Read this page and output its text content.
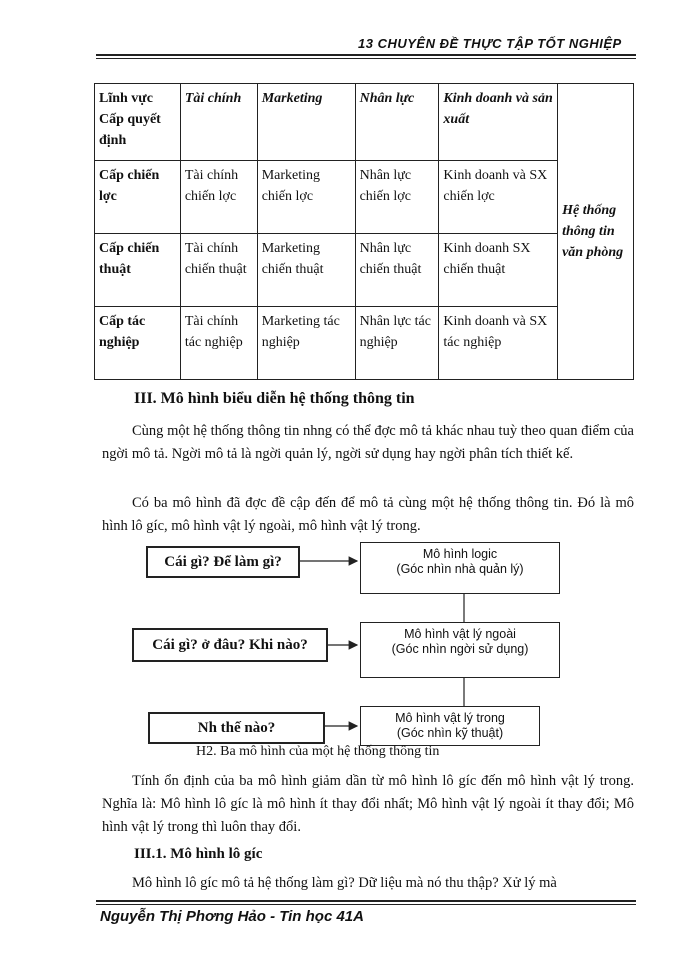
13 CHUYÊN ĐỀ THỰC TẬP TỐT NGHIỆP
Lĩnh vực
Cấp quyết định	Tài chính	Marketing	Nhân lực	Kinh doanh và sản xuất	Hệ thống thông tin văn phòng
Cấp chiến lợc	Tài chính chiến lợc	Marketing chiến lợc	Nhân lực chiến lợc	Kinh doanh và SX chiến lợc	
Cấp chiến thuật	Tài chính chiến thuật	Marketing chiến thuật	Nhân lực chiến thuật	Kinh doanh SX chiến thuật	
Cấp tác nghiệp	Tài chính tác nghiệp	Marketing tác nghiệp	Nhân lực tác nghiệp	Kinh doanh và SX tác nghiệp	
III. Mô hình biểu diễn hệ thống thông tin

Cùng một hệ thống thông tin nhng có thể đợc mô tả khác nhau tuỳ theo quan điểm của ngời mô tả. Ngời mô tả là ngời quản lý, ngời sử dụng hay ngời phân tích thiết kế.

Có ba mô hình đã đợc đề cập đến để mô tả cùng một hệ thống thông tin. Đó là mô hình lô gíc, mô hình vật lý ngoài, mô hình vật lý trong.

Cái gì? Để làm gì?
Cái gì? ở đâu? Khi nào?
Nh thế nào?
Mô hình logic
(Góc nhìn nhà quản lý)
Mô hình vật lý ngoài
(Góc nhìn ngời sử dụng)
Mô hình vật lý trong
(Góc nhìn kỹ thuật)
H2. Ba mô hình của một hệ thống thông tin

Tính ổn định của ba mô hình giảm dần từ mô hình lô gíc đến mô hình vật lý trong. Nghĩa là: Mô hình lô gíc là mô hình ít thay đổi nhất; Mô hình vật lý ngoài ít thay đổi; Mô hình vật lý trong thì luôn thay đổi.

III.1. Mô hình lô gíc

Mô hình lô gíc mô tả hệ thống làm gì? Dữ liệu mà nó thu thập? Xử lý mà

Nguyễn Thị Phơng Hảo - Tin học 41A
